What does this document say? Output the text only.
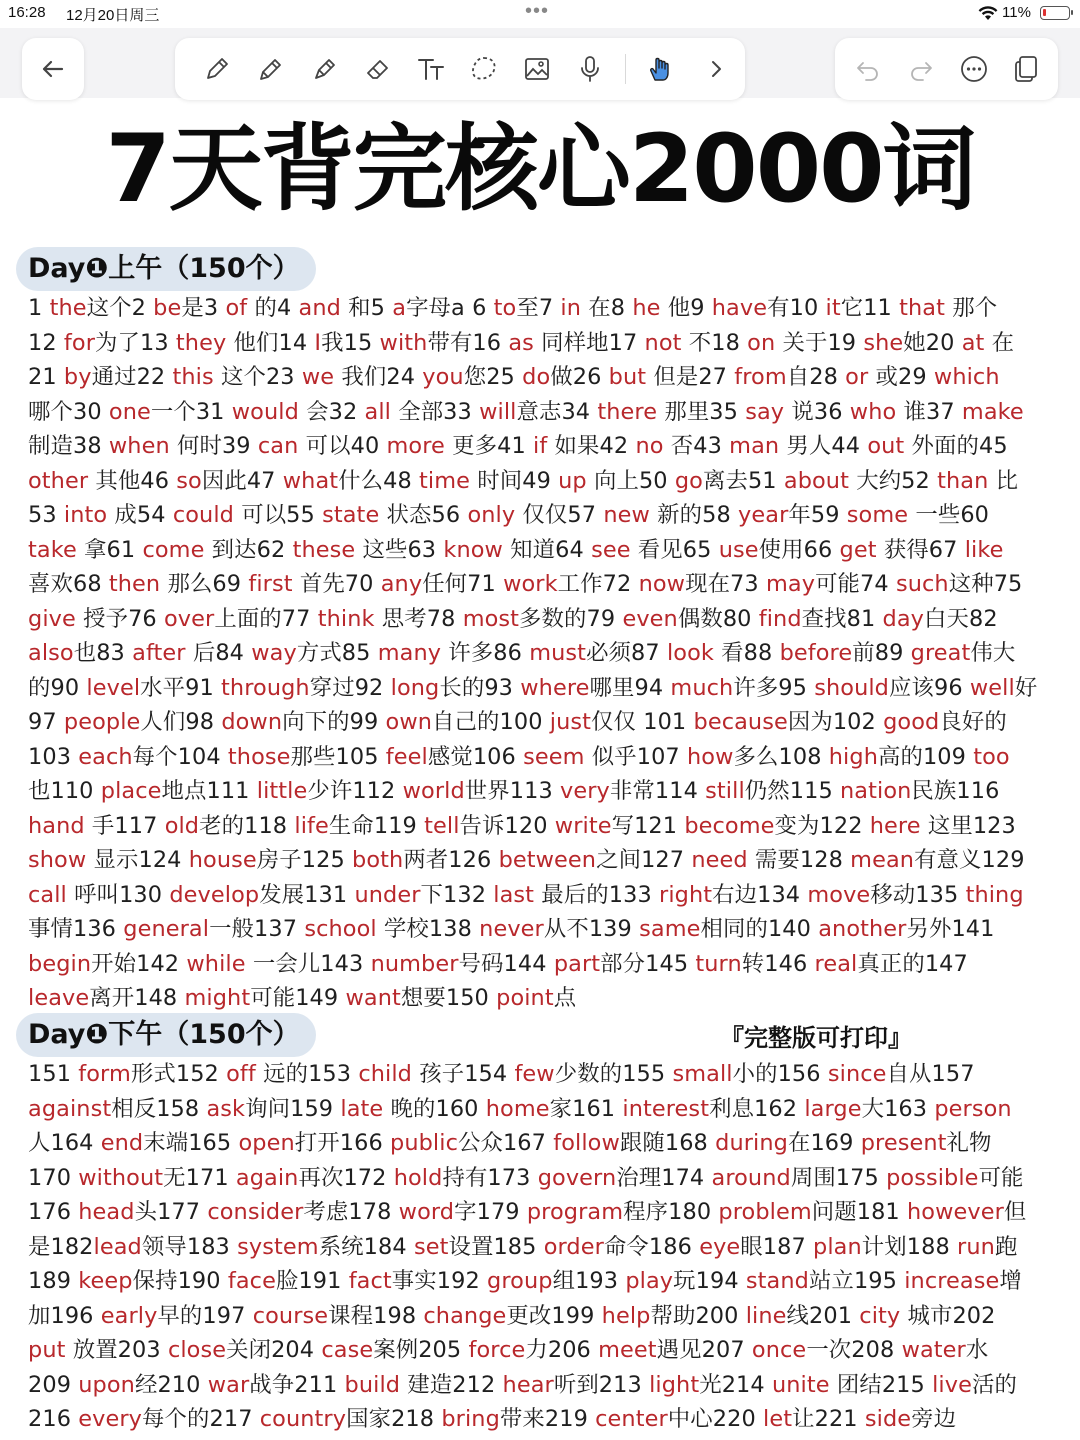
16:28 12月20日周三	•••	11%
7天背完核心2000词
Day❶上午（150个）
1 the这个2 be是3 of 的4 and 和5 a字母a 6 to至7 in 在8 he 他9 have有10 it它11 that 那个
12 for为了13 they 他们14 I我15 with带有16 as 同样地17 not 不18 on 关于19 she她20 at 在
21 by通过22 this 这个23 we 我们24 you您25 do做26 but 但是27 from自28 or 或29 which
哪个30 one一个31 would 会32 all 全部33 will意志34 there 那里35 say 说36 who 谁37 make
制造38 when 何时39 can 可以40 more 更多41 if 如果42 no 否43 man 男人44 out 外面的45
other 其他46 so因此47 what什么48 time 时间49 up 向上50 go离去51 about 大约52 than 比
53 into 成54 could 可以55 state 状态56 only 仅仅57 new 新的58 year年59 some 一些60
take 拿61 come 到达62 these 这些63 know 知道64 see 看见65 use使用66 get 获得67 like
喜欢68 then 那么69 first 首先70 any任何71 work工作72 now现在73 may可能74 such这种75
give 授予76 over上面的77 think 思考78 most多数的79 even偶数80 find查找81 day白天82
also也83 after 后84 way方式85 many 许多86 must必须87 look 看88 before前89 great伟大
的90 level水平91 through穿过92 long长的93 where哪里94 much许多95 should应该96 well好
97 people人们98 down向下的99 own自己的100 just仅仅 101 because因为102 good良好的
103 each每个104 those那些105 feel感觉106 seem 似乎107 how多么108 high高的109 too
也110 place地点111 little少许112 world世界113 very非常114 still仍然115 nation民族116
hand 手117 old老的118 life生命119 tell告诉120 write写121 become变为122 here 这里123
show 显示124 house房子125 both两者126 between之间127 need 需要128 mean有意义129
call 呼叫130 develop发展131 under下132 last 最后的133 right右边134 move移动135 thing
事情136 general一般137 school 学校138 never从不139 same相同的140 another另外141
begin开始142 while 一会儿143 number号码144 part部分145 turn转146 real真正的147
leave离开148 might可能149 want想要150 point点
Day❶下午（150个）	『完整版可打印』
151 form形式152 off 远的153 child 孩子154 few少数的155 small小的156 since自从157
against相反158 ask询问159 late 晚的160 home家161 interest利息162 large大163 person
人164 end末端165 open打开166 public公众167 follow跟随168 during在169 present礼物
170 without无171 again再次172 hold持有173 govern治理174 around周围175 possible可能
176 head头177 consider考虑178 word字179 program程序180 problem问题181 however但
是182lead领导183 system系统184 set设置185 order命令186 eye眼187 plan计划188 run跑
189 keep保持190 face脸191 fact事实192 group组193 play玩194 stand站立195 increase增
加196 early早的197 course课程198 change更改199 help帮助200 line线201 city 城市202
put 放置203 close关闭204 case案例205 force力206 meet遇见207 once一次208 water水
209 upon经210 war战争211 build 建造212 hear听到213 light光214 unite 团结215 live活的
216 every每个的217 country国家218 bring带来219 center中心220 let让221 side旁边
